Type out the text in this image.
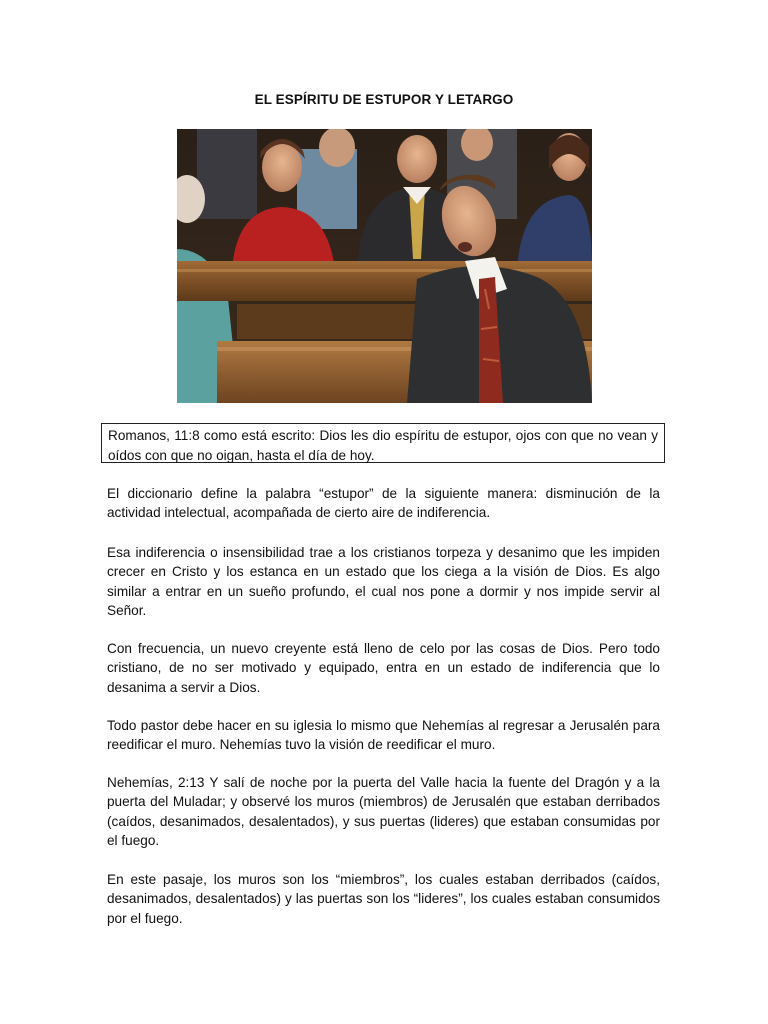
EL ESPÍRITU DE ESTUPOR Y LETARGO
Romanos, 11:8 como está escrito: Dios les dio espíritu de estupor, ojos con que no vean y oídos con que no oigan, hasta el día de hoy.

El diccionario define la palabra “estupor” de la siguiente manera: disminución de la actividad intelectual, acompañada de cierto aire de indiferencia.

Esa indiferencia o insensibilidad trae a los cristianos torpeza y desanimo que les impiden crecer en Cristo y los estanca en un estado que los ciega a la visión de Dios. Es algo similar a entrar en un sueño profundo, el cual nos pone a dormir y nos impide servir al Señor.

Con frecuencia, un nuevo creyente está lleno de celo por las cosas de Dios. Pero todo cristiano, de no ser motivado y equipado, entra en un estado de indiferencia que lo desanima a servir a Dios.

Todo pastor debe hacer en su iglesia lo mismo que Nehemías al regresar a Jerusalén para reedificar el muro. Nehemías tuvo la visión de reedificar el muro.

Nehemías, 2:13 Y salí de noche por la puerta del Valle hacia la fuente del Dragón y a la puerta del Muladar; y observé los muros (miembros) de Jerusalén que estaban derribados (caídos, desanimados, desalentados), y sus puertas (lideres) que estaban consumidas por el fuego.

En este pasaje, los muros son los “miembros”, los cuales estaban derribados (caídos, desanimados, desalentados) y las puertas son los “lideres”, los cuales estaban consumidos por el fuego.
